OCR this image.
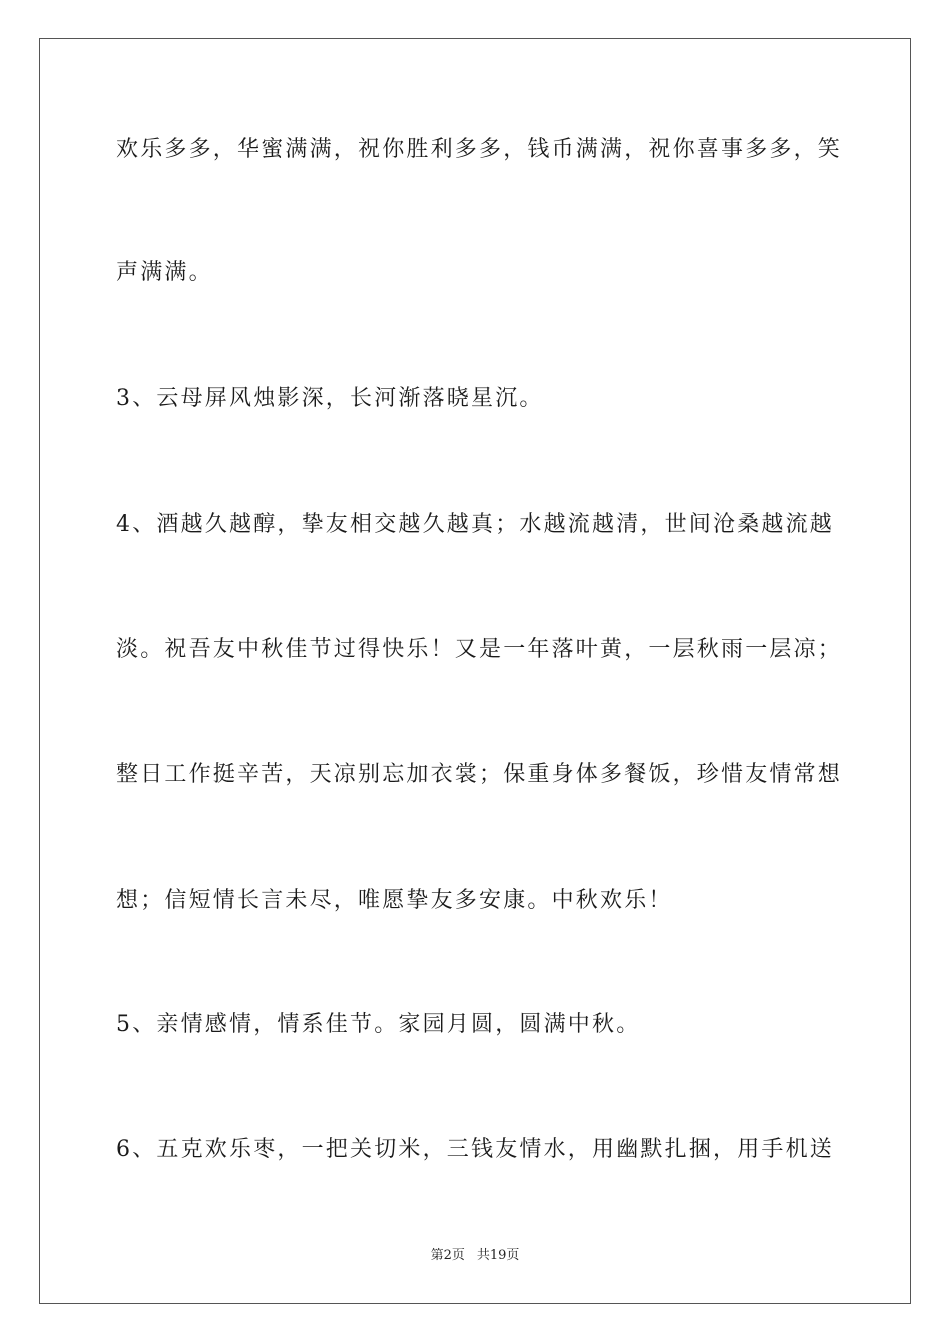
欢乐多多，华蜜满满，祝你胜利多多，钱币满满，祝你喜事多多，笑
声满满。
3、云母屏风烛影深，长河渐落晓星沉。
4、酒越久越醇，挚友相交越久越真；水越流越清，世间沧桑越流越
淡。祝吾友中秋佳节过得快乐！又是一年落叶黄，一层秋雨一层凉；
整日工作挺辛苦，天凉别忘加衣裳；保重身体多餐饭，珍惜友情常想
想；信短情长言未尽，唯愿挚友多安康。中秋欢乐！
5、亲情感情，情系佳节。家园月圆，圆满中秋。
6、五克欢乐枣，一把关切米，三钱友情水，用幽默扎捆，用手机送
第2页 共19页
